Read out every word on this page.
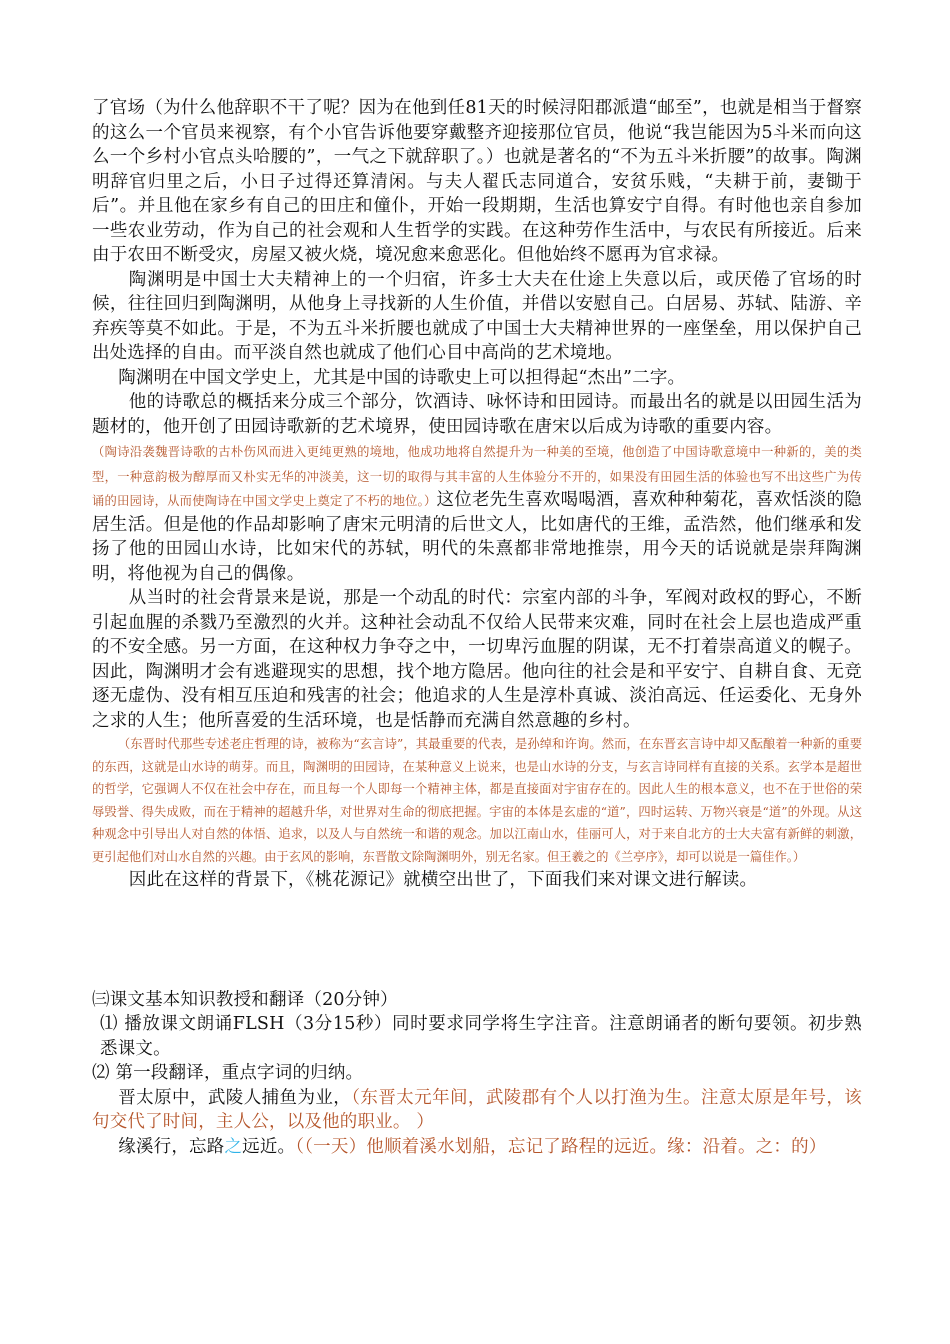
了官场（为什么他辞职不干了呢？因为在他到任81天的时候浔阳郡派遣“邮至”，也就是相当于督察的这么一个官员来视察，有个小官告诉他要穿戴整齐迎接那位官员，他说“我岂能因为5斗米而向这么一个乡村小官点头哈腰的”，一气之下就辞职了。）也就是著名的“不为五斗米折腰”的故事。陶渊明辞官归里之后，小日子过得还算清闲。与夫人翟氏志同道合，安贫乐贱，“夫耕于前，妻锄于后”。并且他在家乡有自己的田庄和僮仆，开始一段期期，生活也算安宁自得。有时他也亲自参加一些农业劳动，作为自己的社会观和人生哲学的实践。在这种劳作生活中，与农民有所接近。后来由于农田不断受灾，房屋又被火烧，境况愈来愈恶化。但他始终不愿再为官求禄。

陶渊明是中国士大夫精神上的一个归宿，许多士大夫在仕途上失意以后，或厌倦了官场的时候，往往回归到陶渊明，从他身上寻找新的人生价值，并借以安慰自己。白居易、苏轼、陆游、辛弃疾等莫不如此。于是，不为五斗米折腰也就成了中国士大夫精神世界的一座堡垒，用以保护自己出处选择的自由。而平淡自然也就成了他们心目中高尚的艺术境地。

陶渊明在中国文学史上，尤其是中国的诗歌史上可以担得起“杰出”二字。

他的诗歌总的概括来分成三个部分，饮酒诗、咏怀诗和田园诗。而最出名的就是以田园生活为题材的，他开创了田园诗歌新的艺术境界，使田园诗歌在唐宋以后成为诗歌的重要内容。

（陶诗沿袭魏晋诗歌的古朴伤风而进入更纯更熟的境地，他成功地将自然提升为一种美的至境，他创造了中国诗歌意境中一种新的，美的类型，一种意韵极为醇厚而又朴实无华的冲淡美，这一切的取得与其丰富的人生体验分不开的，如果没有田园生活的体验也写不出这些广为传诵的田园诗，从而使陶诗在中国文学史上奠定了不朽的地位。）这位老先生喜欢喝喝酒，喜欢种种菊花，喜欢恬淡的隐居生活。但是他的作品却影响了唐宋元明清的后世文人，比如唐代的王维，孟浩然，他们继承和发扬了他的田园山水诗，比如宋代的苏轼，明代的朱熹都非常地推崇，用今天的话说就是崇拜陶渊明，将他视为自己的偶像。

从当时的社会背景来是说，那是一个动乱的时代：宗室内部的斗争，军阀对政权的野心，不断引起血腥的杀戮乃至激烈的火并。这种社会动乱不仅给人民带来灾难，同时在社会上层也造成严重的不安全感。另一方面，在这种权力争夺之中，一切卑污血腥的阴谋，无不打着崇高道义的幌子。因此，陶渊明才会有逃避现实的思想，找个地方隐居。他向往的社会是和平安宁、自耕自食、无竞逐无虚伪、没有相互压迫和残害的社会；他追求的人生是淳朴真诚、淡泊高远、任运委化、无身外之求的人生；他所喜爱的生活环境，也是恬静而充满自然意趣的乡村。

（东晋时代那些专述老庄哲理的诗，被称为“玄言诗”，其最重要的代表，是孙绰和许询。然而，在东晋玄言诗中却又酝酿着一种新的重要的东西，这就是山水诗的萌芽。而且，陶渊明的田园诗，在某种意义上说来，也是山水诗的分支，与玄言诗同样有直接的关系。玄学本是超世的哲学，它强调人不仅在社会中存在，而且每一个人即每一个精神主体，都是直接面对宇宙存在的。因此人生的根本意义，也不在于世俗的荣辱毁誉、得失成败，而在于精神的超越升华，对世界对生命的彻底把握。宇宙的本体是玄虚的“道”，四时运转、万物兴衰是“道”的外现。从这种观念中引导出人对自然的体悟、追求，以及人与自然统一和谐的观念。加以江南山水，佳丽可人，对于来自北方的士大夫富有新鲜的刺激，更引起他们对山水自然的兴趣。由于玄风的影响，东晋散文除陶渊明外，别无名家。但王羲之的《兰亭序》，却可以说是一篇佳作。）

因此在这样的背景下，《桃花源记》就横空出世了，下面我们来对课文进行解读。

㈢课文基本知识教授和翻译（20分钟）

⑴ 播放课文朗诵FLSH（3分15秒）同时要求同学将生字注音。注意朗诵者的断句要领。初步熟悉课文。

⑵ 第一段翻译，重点字词的归纳。

晋太原中，武陵人捕鱼为业，（东晋太元年间，武陵郡有个人以打渔为生。注意太原是年号，该句交代了时间，主人公，以及他的职业。 ）

缘溪行，忘路之远近。（（一天）他顺着溪水划船，忘记了路程的远近。缘：沿着。之：的）
